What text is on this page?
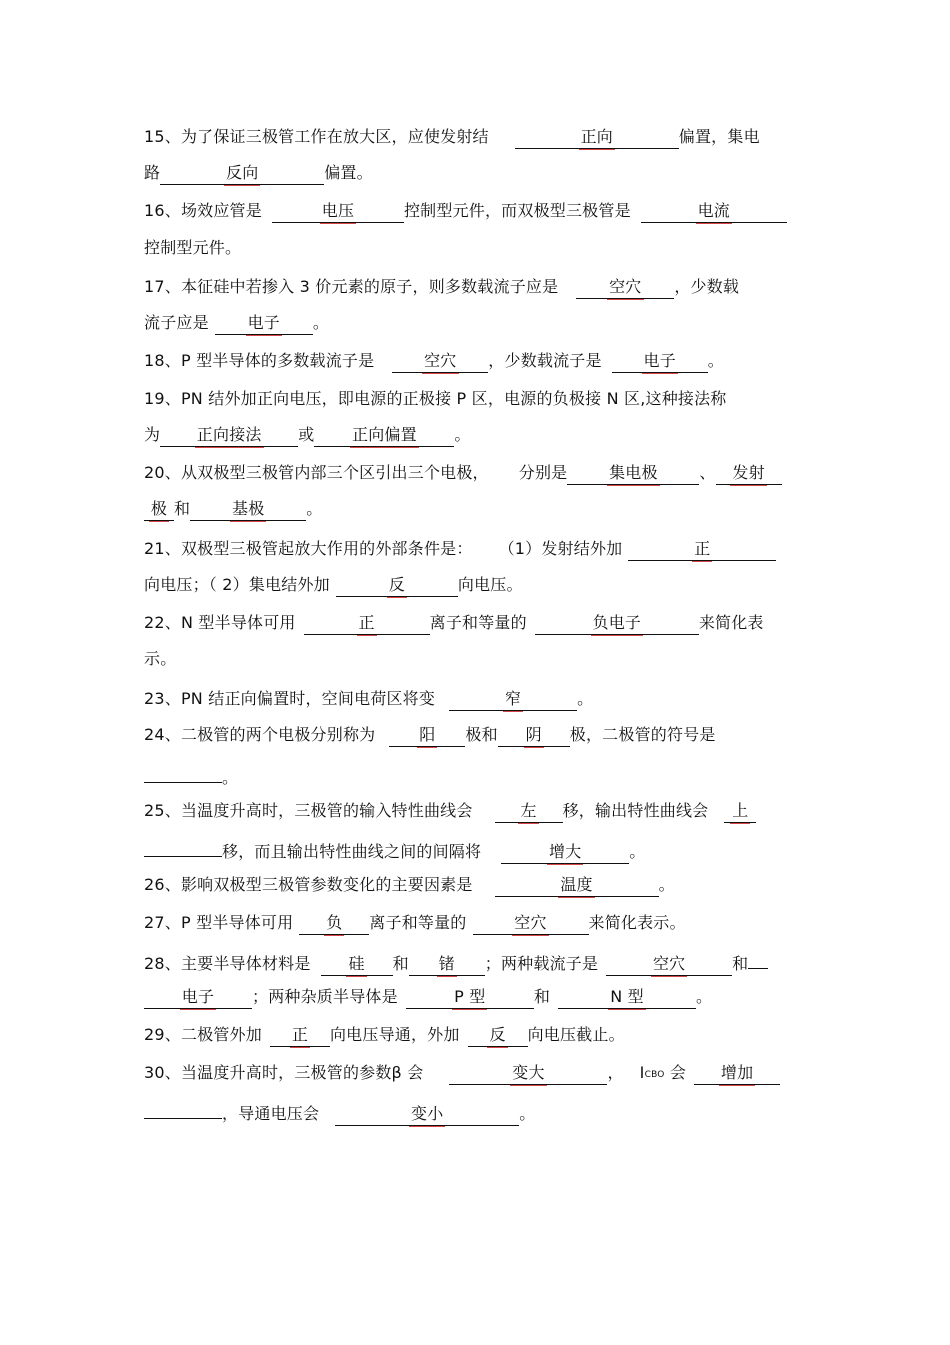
15、为了保证三极管工作在放大区，应使发射结	正向	偏置，集电
路	反向	偏置。
16、场效应管是	电压	控制型元件，而双极型三极管是	电流
控制型元件。
17、本征硅中若掺入 3 价元素的原子，则多数载流子应是	空穴 ，少数载
流子应是 电子 。
18、P 型半导体的多数载流子是	空穴 ，少数载流子是	电子 。
19、PN 结外加正向电压，即电源的正极接 P 区，电源的负极接 N 区,这种接法称
为 正向接法 或 正向偏置 。
20、从双极型三极管内部三个区引出三个电极， 分别是	集电极	、 发射
极 和	基极	。
21、双极型三极管起放大作用的外部条件是： （1）发射结外加	正
向电压；（ 2）集电结外加	反	向电压。
22、N 型半导体可用	正	离子和等量的	负电子	来简化表
示。
23、PN 结正向偏置时，空间电荷区将变	窄	。
24、二极管的两个电极分别称为	阳 极和 阴 极，二极管的符号是
。
25、当温度升高时，三极管的输入特性曲线会	左 移，输出特性曲线会 上
移，而且输出特性曲线之间的间隔将	增大	。
26、影响双极型三极管参数变化的主要因素是	温度	。
27、P 型半导体可用 负 离子和等量的	空穴	来简化表示。
28、主要半导体材料是 硅 和 锗 ；两种载流子是	空穴	和
电子 ；两种杂质半导体是	P 型	和	N 型	。
29、二极管外加 正 向电压导通，外加 反 向电压截止。
30、当温度升高时，三极管的参数β 会	变大	， ICBO 会 增加
，导通电压会	变小	。
